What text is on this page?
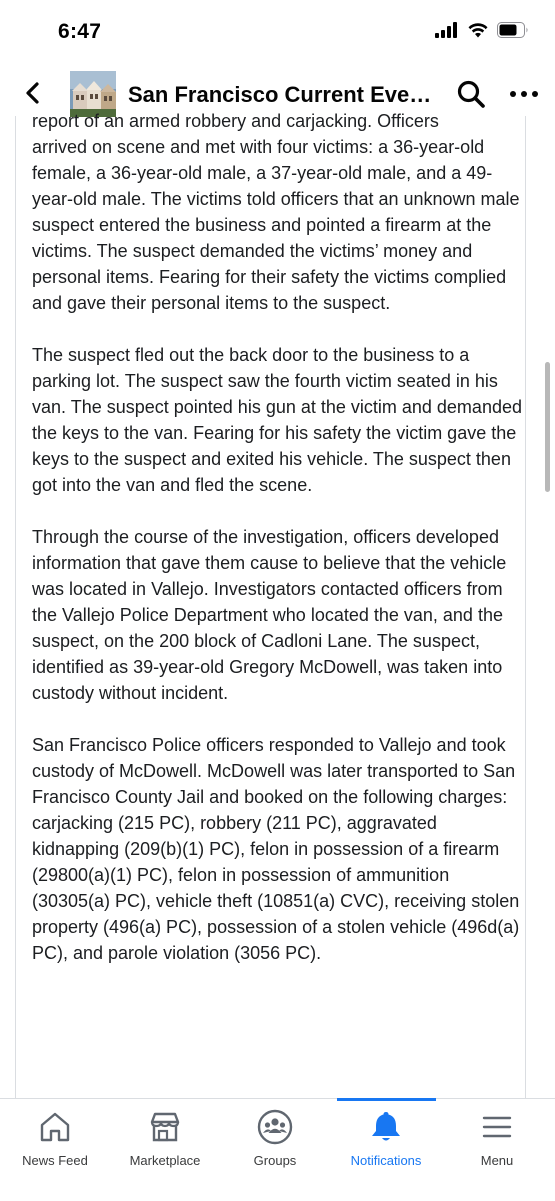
6:47
San Francisco Current Eve…
report of an armed robbery and carjacking. Officers

arrived on scene and met with four victims: a 36-year-old female, a 36-year-old male, a 37-year-old male, and a 49-year-old male. The victims told officers that an unknown male suspect entered the business and pointed a firearm at the victims. The suspect demanded the victims’ money and personal items. Fearing for their safety the victims complied and gave their personal items to the suspect.

The suspect fled out the back door to the business to a parking lot. The suspect saw the fourth victim seated in his van. The suspect pointed his gun at the victim and demanded the keys to the van. Fearing for his safety the victim gave the keys to the suspect and exited his vehicle. The suspect then got into the van and fled the scene.

Through the course of the investigation, officers developed information that gave them cause to believe that the vehicle was located in Vallejo. Investigators contacted officers from the Vallejo Police Department who located the van, and the suspect, on the 200 block of Cadloni Lane. The suspect, identified as 39-year-old Gregory McDowell, was taken into custody without incident.

San Francisco Police officers responded to Vallejo and took custody of McDowell. McDowell was later transported to San Francisco County Jail and booked on the following charges: carjacking (215 PC), robbery (211 PC), aggravated kidnapping (209(b)(1) PC), felon in possession of a firearm (29800(a)(1) PC), felon in possession of ammunition (30305(a) PC), vehicle theft (10851(a) CVC), receiving stolen property (496(a) PC), possession of a stolen vehicle (496d(a) PC), and parole violation (3056 PC).

News Feed	Marketplace	Groups	Notifications	Menu
